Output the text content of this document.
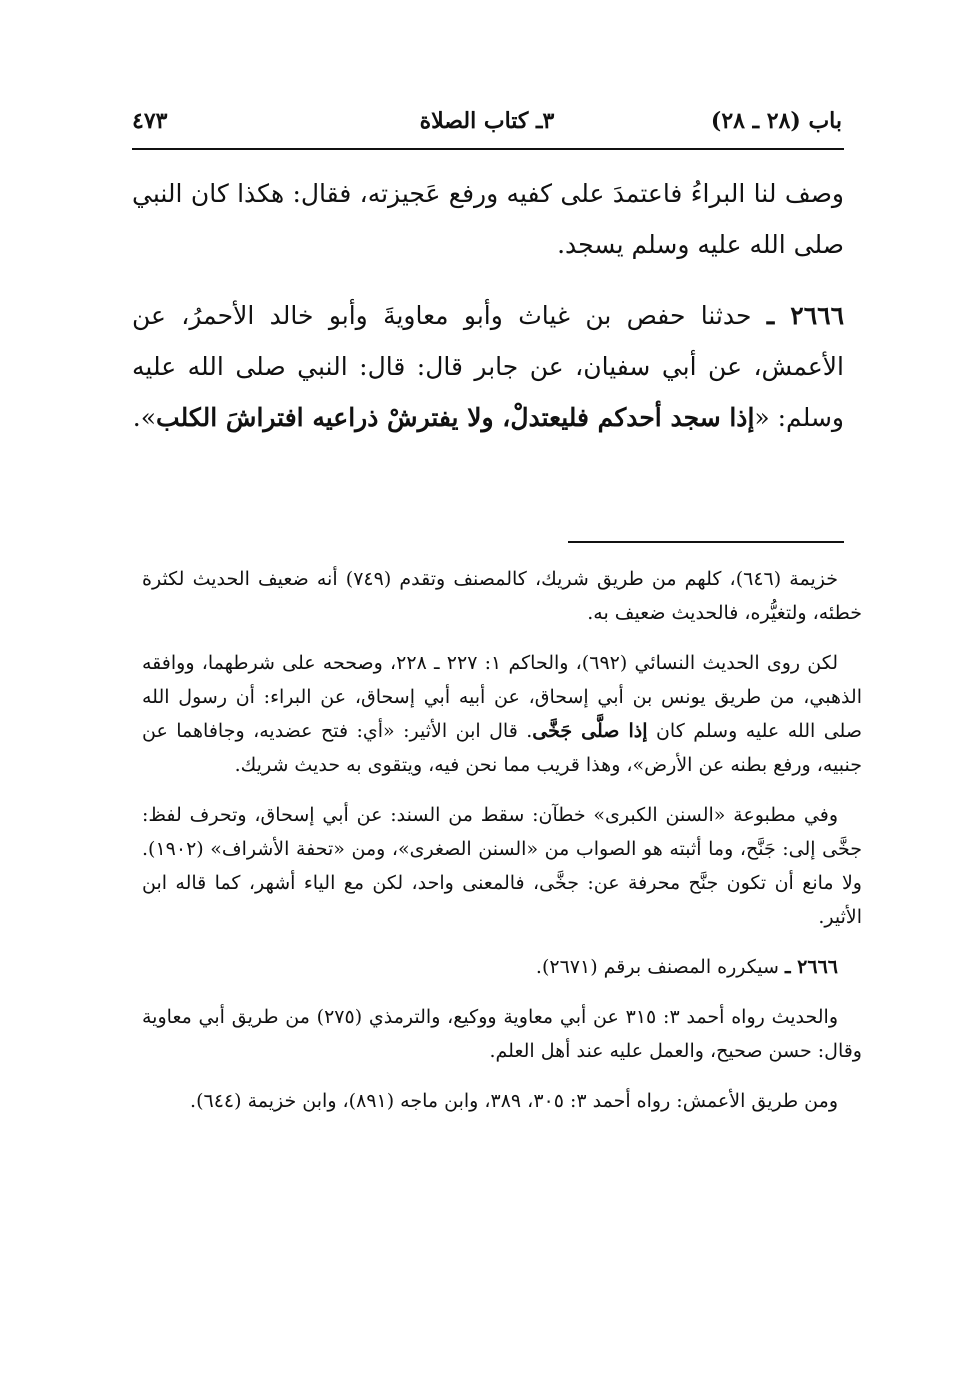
باب (٢٨ ـ ٢٨)
٣ـ كتاب الصلاة
٤٧٣

وصف لنا البراءُ فاعتمدَ على كفيه ورفع عَجيزته، فقال: هكذا كان النبي صلى الله عليه وسلم يسجد.

٢٦٦٦ ـ حدثنا حفص بن غياث وأبو معاويةَ وأبو خالد الأحمرُ، عن الأعمش، عن أبي سفيان، عن جابر قال: قال: النبي صلى الله عليه وسلم: «إذا سجد أحدكم فليعتدلْ، ولا يفترشْ ذراعيه افتراشَ الكلب».

خزيمة (٦٤٦)، كلهم من طريق شريك، كالمصنف وتقدم (٧٤٩) أنه ضعيف الحديث لكثرة خطئه، ولتغيُّره، فالحديث ضعيف به.

لكن روى الحديث النسائي (٦٩٢)، والحاكم ١: ٢٢٧ ـ ٢٢٨، وصححه على شرطهما، ووافقه الذهبي، من طريق يونس بن أبي إسحاق، عن أبيه أبي إسحاق، عن البراء: أن رسول الله صلى الله عليه وسلم كان إذا صلَّى جَخَّى. قال ابن الأثير: «أي: فتح عضديه، وجافاهما عن جنبيه، ورفع بطنه عن الأرض»، وهذا قريب مما نحن فيه، ويتقوى به حديث شريك.

وفي مطبوعة «السنن الكبرى» خطآن: سقط من السند: عن أبي إسحاق، وتحرف لفظ: جخَّى إلى: جَنَّح، وما أثبته هو الصواب من «السنن الصغرى»، ومن «تحفة الأشراف» (١٩٠٢). ولا مانع أن تكون جنَّح محرفة عن: جخَّى، فالمعنى واحد، لكن مع الياء أشهر، كما قاله ابن الأثير.

٢٦٦٦ ـ سيكرره المصنف برقم (٢٦٧١).

والحديث رواه أحمد ٣: ٣١٥ عن أبي معاوية ووكيع، والترمذي (٢٧٥) من طريق أبي معاوية وقال: حسن صحيح، والعمل عليه عند أهل العلم.

ومن طريق الأعمش: رواه أحمد ٣: ٣٠٥، ٣٨٩، وابن ماجه (٨٩١)، وابن خزيمة (٦٤٤).
